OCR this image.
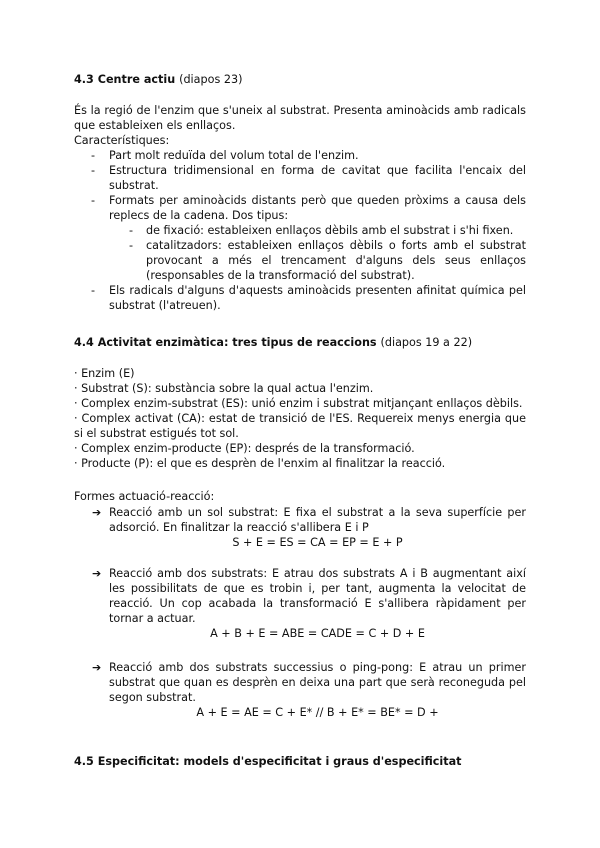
4.3 Centre actiu (diapos 23)
És la regió de l'enzim que s'uneix al substrat. Presenta aminoàcids amb radicals que estableixen els enllaços.
Característiques:
- Part molt reduïda del volum total de l'enzim.
- Estructura tridimensional en forma de cavitat que facilita l'encaix del substrat.
- Formats per aminoàcids distants però que queden pròxims a causa dels replecs de la cadena. Dos tipus:
- de fixació: estableixen enllaços dèbils amb el substrat i s'hi fixen.
- catalitzadors: estableixen enllaços dèbils o forts amb el substrat provocant a més el trencament d'alguns dels seus enllaços (responsables de la transformació del substrat).
- Els radicals d'alguns d'aquests aminoàcids presenten afinitat química pel substrat (l'atreuen).
4.4 Activitat enzimàtica: tres tipus de reaccions (diapos 19 a 22)
· Enzim (E)
· Substrat (S): substància sobre la qual actua l'enzim.
· Complex enzim-substrat (ES): unió enzim i substrat mitjançant enllaços dèbils.
· Complex activat (CA): estat de transició de l'ES. Requereix menys energia que si el substrat estigués tot sol.
· Complex enzim-producte (EP): després de la transformació.
· Producte (P): el que es desprèn de l'enxim al finalitzar la reacció.
Formes actuació-reacció:
➔ Reacció amb un sol substrat: E fixa el substrat a la seva superfície per adsorció. En finalitzar la reacció s'allibera E i P
S + E = ES = CA = EP = E + P
➔ Reacció amb dos substrats: E atrau dos substrats A i B augmentant així les possibilitats de que es trobin i, per tant, augmenta la velocitat de reacció. Un cop acabada la transformació E s'allibera ràpidament per tornar a actuar.
A + B + E = ABE = CADE = C + D + E
➔ Reacció amb dos substrats successius o ping-pong: E atrau un primer substrat que quan es desprèn en deixa una part que serà reconeguda pel segon substrat.
A + E = AE = C + E* // B + E* = BE* = D +
4.5 Especificitat: models d'especificitat i graus d'especificitat
